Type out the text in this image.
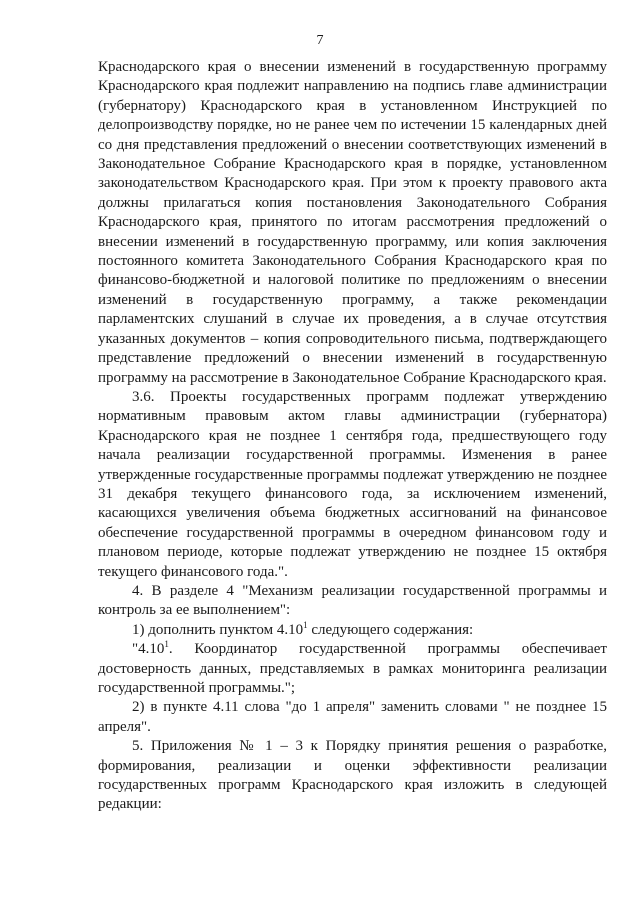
7

Краснодарского края о внесении изменений в государственную программу Краснодарского края подлежит направлению на подпись главе администрации (губернатору) Краснодарского края в установленном Инструкцией по делопроизводству порядке, но не ранее чем по истечении 15 календарных дней со дня представления предложений о внесении соответствующих изменений в Законодательное Собрание Краснодарского края в порядке, установленном законодательством Краснодарского края. При этом к проекту правового акта должны прилагаться копия постановления Законодательного Собрания Краснодарского края, принятого по итогам рассмотрения предложений о внесении изменений в государственную программу, или копия заключения постоянного комитета Законодательного Собрания Краснодарского края по финансово-бюджетной и налоговой политике по предложениям о внесении изменений в государственную программу, а также рекомендации парламентских слушаний в случае их проведения, а в случае отсутствия указанных документов – копия сопроводительного письма, подтверждающего представление предложений о внесении изменений в государственную программу на рассмотрение в Законодательное Собрание Краснодарского края.

3.6. Проекты государственных программ подлежат утверждению нормативным правовым актом главы администрации (губернатора) Краснодарского края не позднее 1 сентября года, предшествующего году начала реализации государственной программы. Изменения в ранее утвержденные государственные программы подлежат утверждению не позднее 31 декабря текущего финансового года, за исключением изменений, касающихся увеличения объема бюджетных ассигнований на финансовое обеспечение государственной программы в очередном финансовом году и плановом периоде, которые подлежат утверждению не позднее 15 октября текущего финансового года.".

4. В разделе 4 "Механизм реализации государственной программы и контроль за ее выполнением":

1) дополнить пунктом 4.10$^1$ следующего содержания:

"4.10$^1$. Координатор государственной программы обеспечивает достоверность данных, представляемых в рамках мониторинга реализации государственной программы.";

2) в пункте 4.11 слова "до 1 апреля" заменить словами " не позднее 15 апреля".

5. Приложения № 1 – 3 к Порядку принятия решения о разработке, формирования, реализации и оценки эффективности реализации государственных программ Краснодарского края изложить в следующей редакции:
